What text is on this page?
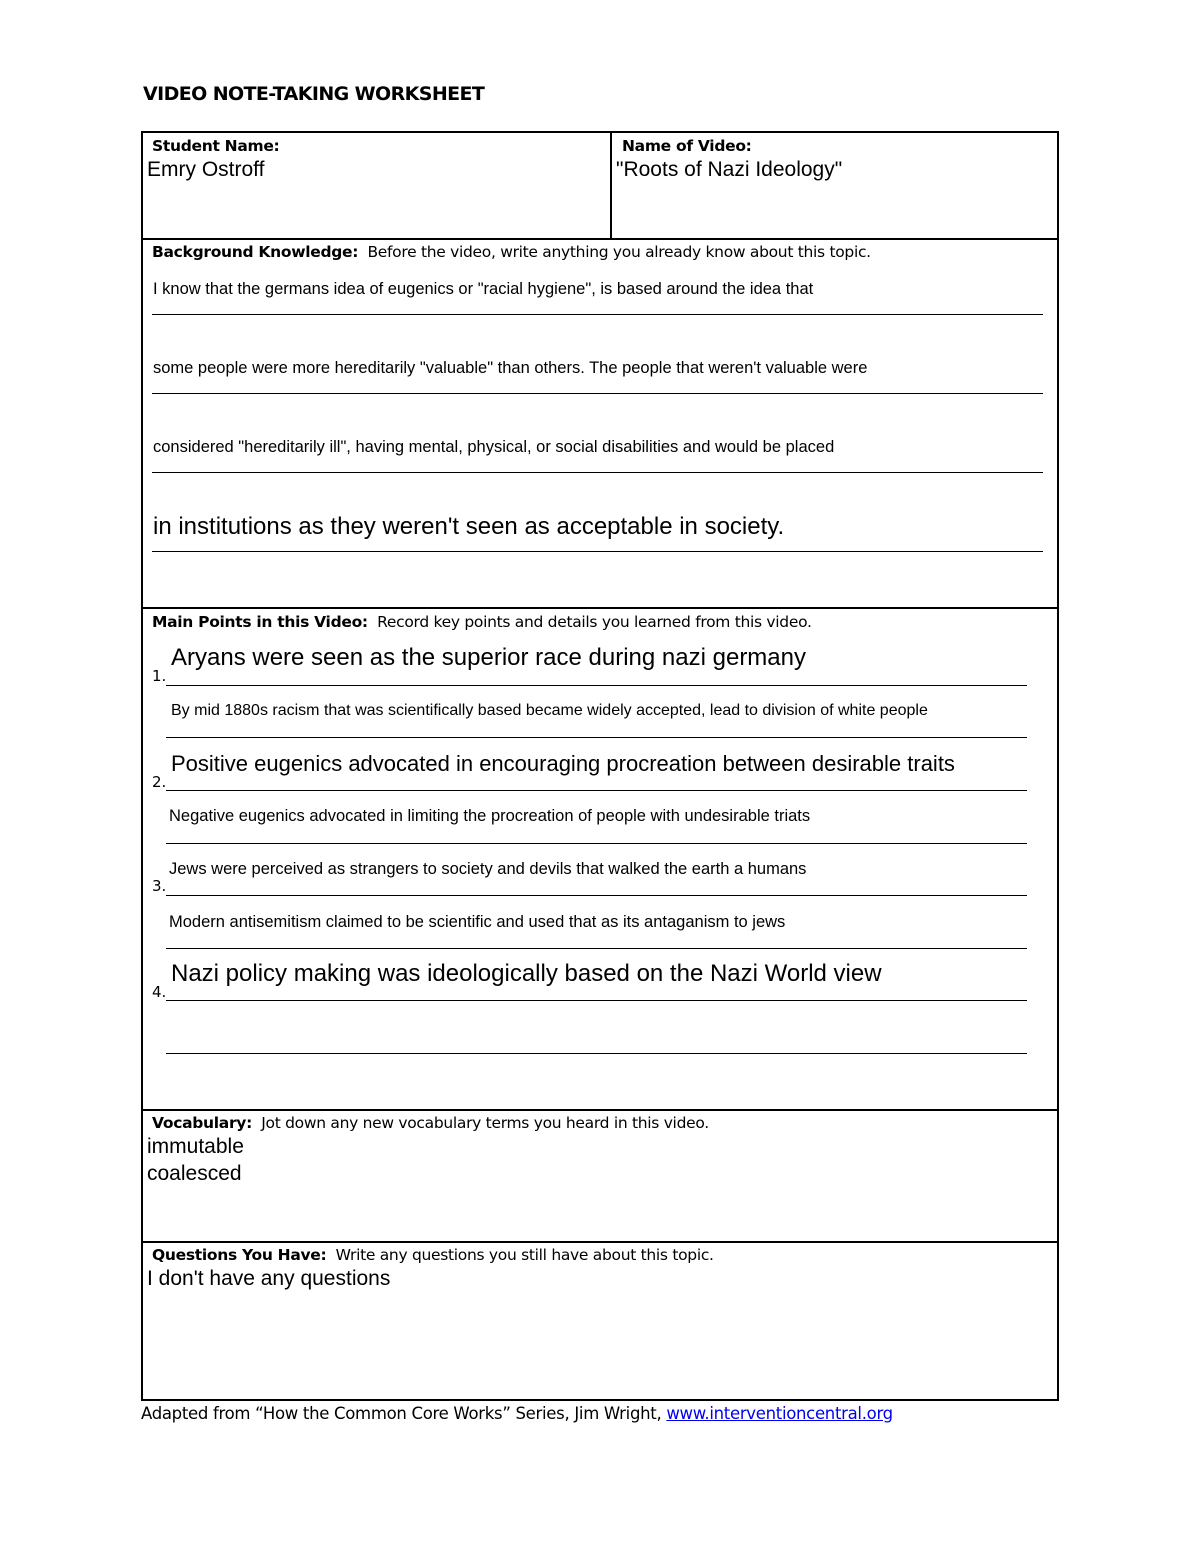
VIDEO NOTE-TAKING WORKSHEET
Student Name:
Emry Ostroff
Name of Video:
"Roots of Nazi Ideology"
Background Knowledge: Before the video, write anything you already know about this topic.
I know that the germans idea of eugenics or "racial hygiene", is based around the idea that
some people were more hereditarily "valuable" than others. The people that weren't valuable were
considered "hereditarily ill", having mental, physical, or social disabilities and would be placed
in institutions as they weren't seen as acceptable in society.
Main Points in this Video: Record key points and details you learned from this video.
1.
Aryans were seen as the superior race during nazi germany
By mid 1880s racism that was scientifically based became widely accepted, lead to division of white people
2.
Positive eugenics advocated in encouraging procreation between desirable traits
Negative eugenics advocated in limiting the procreation of people with undesirable triats
3.
Jews were perceived as strangers to society and devils that walked the earth a humans
Modern antisemitism claimed to be scientific and used that as its antaganism to jews
4.
Nazi policy making was ideologically based on the Nazi World view
Vocabulary: Jot down any new vocabulary terms you heard in this video.
immutable
coalesced
Questions You Have: Write any questions you still have about this topic.
I don't have any questions
Adapted from “How the Common Core Works” Series, Jim Wright, www.interventioncentral.org
